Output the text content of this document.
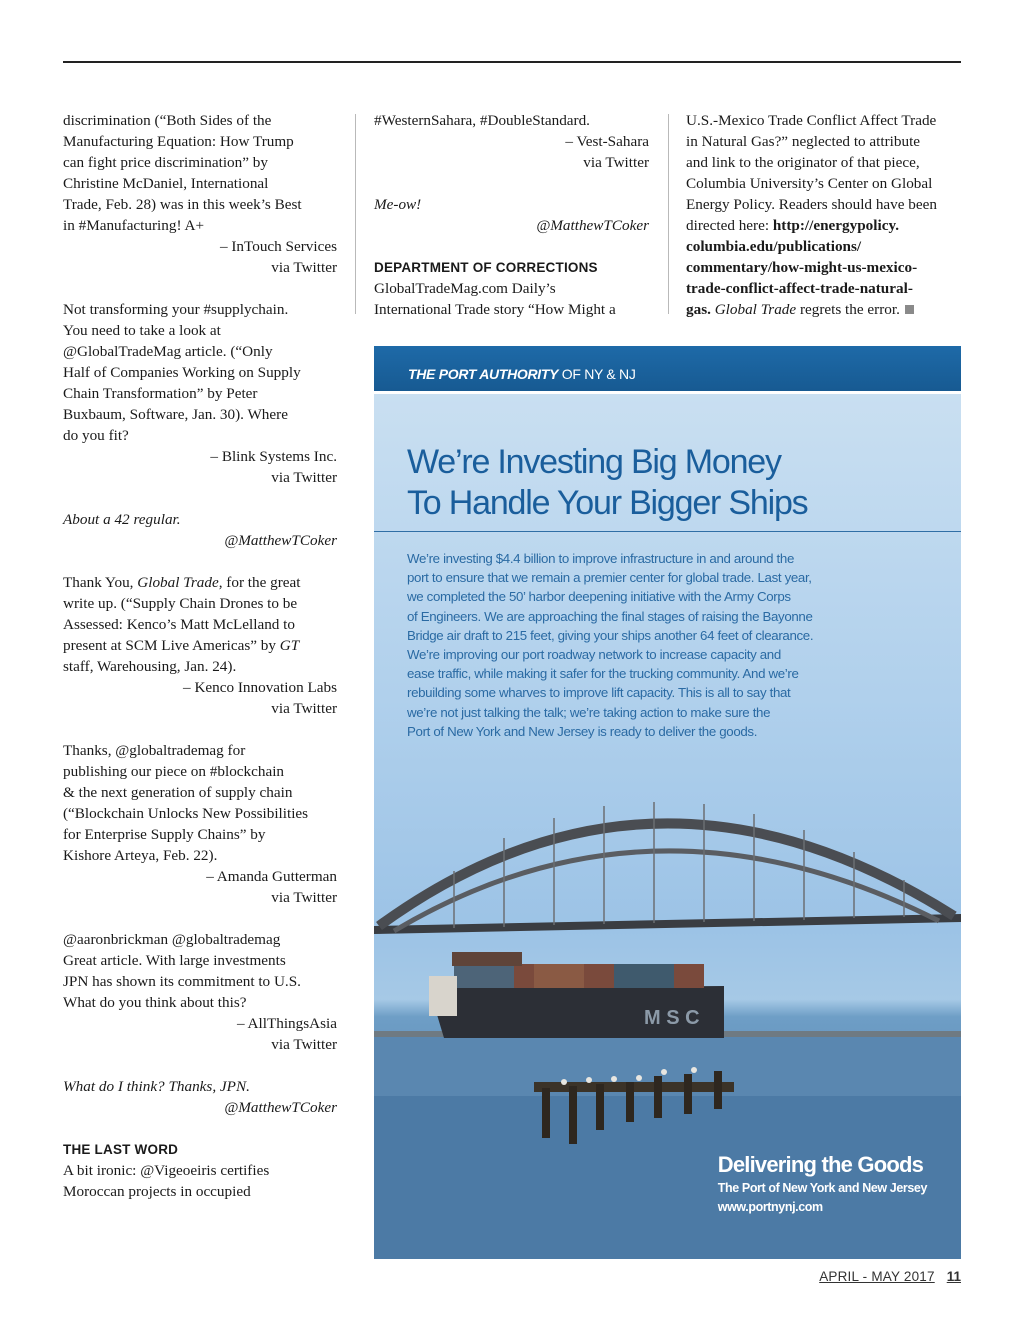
discrimination (“Both Sides of the

Manufacturing Equation: How Trump

can fight price discrimination” by

Christine McDaniel, International

Trade, Feb. 28) was in this week’s Best

in #Manufacturing! A+

– InTouch Services

via Twitter

Not transforming your #supplychain.

You need to take a look at

@GlobalTradeMag article. (“Only

Half of Companies Working on Supply

Chain Transformation” by Peter

Buxbaum, Software, Jan. 30). Where

do you fit?

– Blink Systems Inc.

via Twitter

About a 42 regular.

@MatthewTCoker

Thank You, Global Trade, for the great

write up. (“Supply Chain Drones to be

Assessed: Kenco’s Matt McLelland to

present at SCM Live Americas” by GT

staff, Warehousing, Jan. 24).

– Kenco Innovation Labs

via Twitter

Thanks, @globaltrademag for

publishing our piece on #blockchain

& the next generation of supply chain

(“Blockchain Unlocks New Possibilities

for Enterprise Supply Chains” by

Kishore Arteya, Feb. 22).

– Amanda Gutterman

via Twitter

@aaronbrickman @globaltrademag

Great article. With large investments

JPN has shown its commitment to U.S.

What do you think about this?

– AllThingsAsia

via Twitter

What do I think? Thanks, JPN.

@MatthewTCoker

THE LAST WORD

A bit ironic: @Vigeoeiris certifies

Moroccan projects in occupied

#WesternSahara, #DoubleStandard.

– Vest-Sahara

via Twitter

Me-ow!

@MatthewTCoker

DEPARTMENT OF CORRECTIONS

GlobalTradeMag.com Daily’s

International Trade story “How Might a

U.S.-Mexico Trade Conflict Affect Trade

in Natural Gas?” neglected to attribute

and link to the originator of that piece,

Columbia University’s Center on Global

Energy Policy. Readers should have been

directed here: http://energypolicy.

columbia.edu/publications/

commentary/how-might-us-mexico-

trade-conflict-affect-trade-natural-

gas. Global Trade regrets the error.

THE PORT AUTHORITY OF NY & NJ
We’re Investing Big Money
To Handle Your Bigger Ships
We’re investing $4.4 billion to improve infrastructure in and around the
port to ensure that we remain a premier center for global trade. Last year,
we completed the 50’ harbor deepening initiative with the Army Corps
of Engineers. We are approaching the final stages of raising the Bayonne
Bridge air draft to 215 feet, giving your ships another 64 feet of clearance.
We’re improving our port roadway network to increase capacity and
ease traffic, while making it safer for the trucking community. And we’re
rebuilding some wharves to improve lift capacity. This is all to say that
we’re not just talking the talk; we’re taking action to make sure the
Port of New York and New Jersey is ready to deliver the goods.
M S C
Delivering the Goods
The Port of New York and New Jersey
www.portnynj.com
APRIL - MAY 2017 11
